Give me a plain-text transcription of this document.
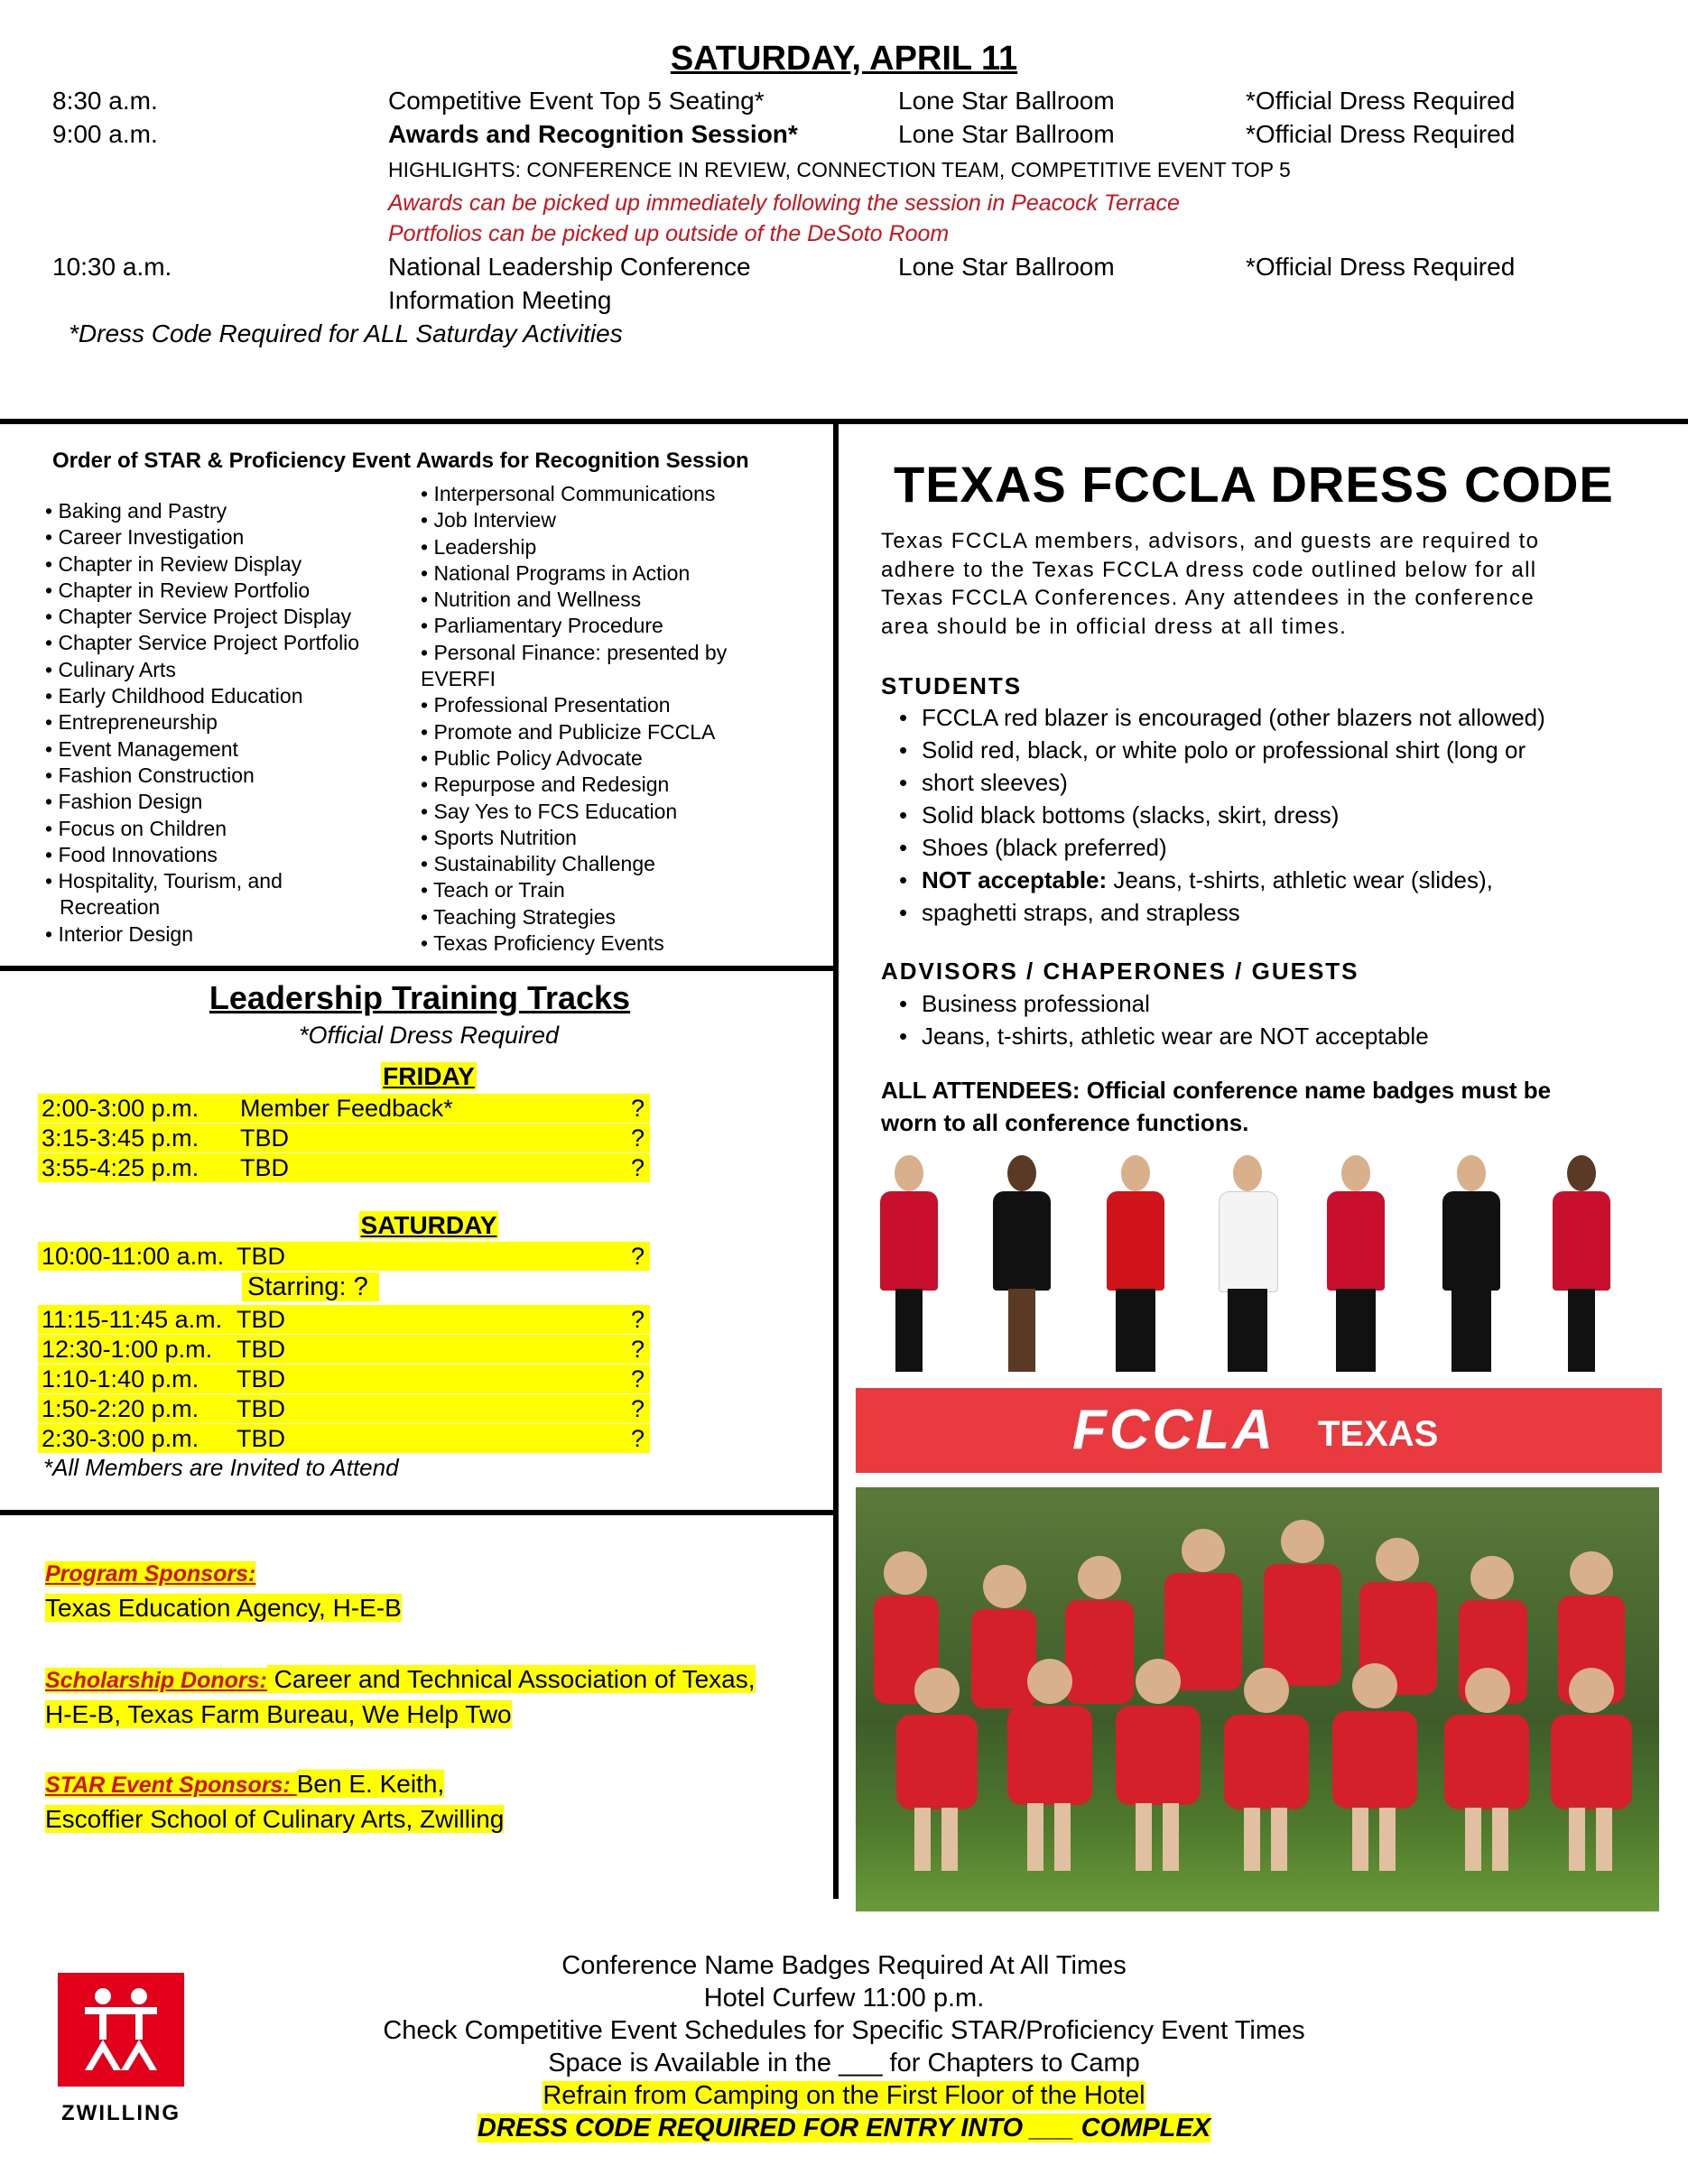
SATURDAY, APRIL 11
8:30 a.m.	Competitive Event Top 5 Seating*	Lone Star Ballroom	*Official Dress Required
9:00 a.m.	Awards and Recognition Session*	Lone Star Ballroom	*Official Dress Required
HIGHLIGHTS: CONFERENCE IN REVIEW, CONNECTION TEAM, COMPETITIVE EVENT TOP 5
Awards can be picked up immediately following the session in Peacock Terrace
Portfolios can be picked up outside of the DeSoto Room
10:30 a.m.	National Leadership Conference	Lone Star Ballroom	*Official Dress Required
Information Meeting
*Dress Code Required for ALL Saturday Activities
Order of STAR & Proficiency Event Awards for Recognition Session
• Baking and Pastry
• Career Investigation
• Chapter in Review Display
• Chapter in Review Portfolio
• Chapter Service Project Display
• Chapter Service Project Portfolio
• Culinary Arts
• Early Childhood Education
• Entrepreneurship
• Event Management
• Fashion Construction
• Fashion Design
• Focus on Children
• Food Innovations
• Hospitality, Tourism, and
Recreation
• Interior Design
• Interpersonal Communications
• Job Interview
• Leadership
• National Programs in Action
• Nutrition and Wellness
• Parliamentary Procedure
• Personal Finance: presented by
EVERFI
• Professional Presentation
• Promote and Publicize FCCLA
• Public Policy Advocate
• Repurpose and Redesign
• Say Yes to FCS Education
• Sports Nutrition
• Sustainability Challenge
• Teach or Train
• Teaching Strategies
• Texas Proficiency Events
Leadership Training Tracks
*Official Dress Required
FRIDAY
2:00-3:00 p.m. Member Feedback*	?
3:15-3:45 p.m. TBD	?
3:55-4:25 p.m. TBD	?
SATURDAY
10:00-11:00 a.m. TBD	?
Starring: ?
11:15-11:45 a.m. TBD	?
12:30-1:00 p.m. TBD	?
1:10-1:40 p.m. TBD	?
1:50-2:20 p.m. TBD	?
2:30-3:00 p.m. TBD	?
*All Members are Invited to Attend
Program Sponsors:
Texas Education Agency, H-E-B
Scholarship Donors: Career and Technical Association of Texas,
H-E-B, Texas Farm Bureau, We Help Two
STAR Event Sponsors: Ben E. Keith,
Escoffier School of Culinary Arts, Zwilling
TEXAS FCCLA DRESS CODE
Texas FCCLA members, advisors, and guests are required to
adhere to the Texas FCCLA dress code outlined below for all
Texas FCCLA Conferences. Any attendees in the conference
area should be in official dress at all times.
STUDENTS
• FCCLA red blazer is encouraged (other blazers not allowed)
• Solid red, black, or white polo or professional shirt (long or
• short sleeves)
• Solid black bottoms (slacks, skirt, dress)
• Shoes (black preferred)
• NOT acceptable: Jeans, t-shirts, athletic wear (slides),
• spaghetti straps, and strapless
ADVISORS / CHAPERONES / GUESTS
• Business professional
• Jeans, t-shirts, athletic wear are NOT acceptable
ALL ATTENDEES: Official conference name badges must be
worn to all conference functions.
FCCLA TEXAS
Conference Name Badges Required At All Times
Hotel Curfew 11:00 p.m.
Check Competitive Event Schedules for Specific STAR/Proficiency Event Times
Space is Available in the ___ for Chapters to Camp
Refrain from Camping on the First Floor of the Hotel
DRESS CODE REQUIRED FOR ENTRY INTO ___ COMPLEX
ZWILLING
